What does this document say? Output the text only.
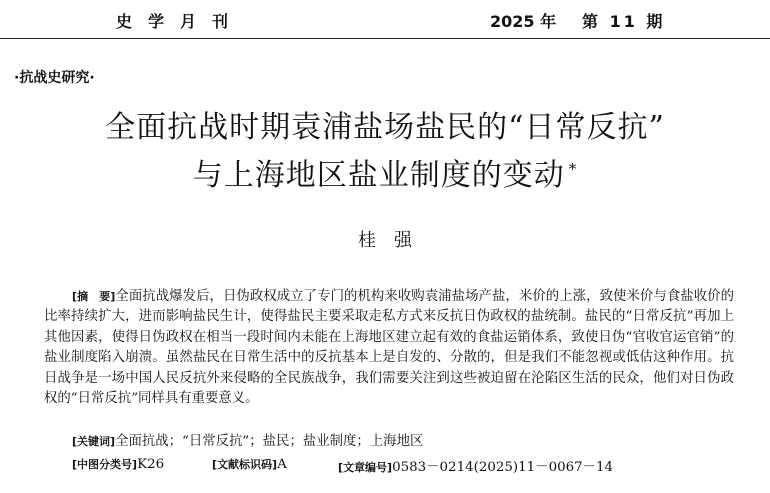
史学月刊	2025 年 第 11 期
·抗战史研究·
全面抗战时期袁浦盐场盐民的“日常反抗”
与上海地区盐业制度的变动 *
桂强
[摘　要]全面抗战爆发后，日伪政权成立了专门的机构来收购袁浦盐场产盐，米价的上涨，致使米价与食盐收价的比率持续扩大，进而影响盐民生计，使得盐民主要采取走私方式来反抗日伪政权的盐统制。盐民的“日常反抗”再加上其他因素，使得日伪政权在相当一段时间内未能在上海地区建立起有效的食盐运销体系，致使日伪“官收官运官销”的盐业制度陷入崩溃。虽然盐民在日常生活中的反抗基本上是自发的、分散的，但是我们不能忽视或低估这种作用。抗日战争是一场中国人民反抗外来侵略的全民族战争，我们需要关注到这些被迫留在沦陷区生活的民众，他们对日伪政权的“日常反抗”同样具有重要意义。
[关键词]全面抗战；“日常反抗”；盐民；盐业制度；上海地区
[中图分类号]K26	[文献标识码]A	[文章编号]0583－0214(2025)11－0067－14
